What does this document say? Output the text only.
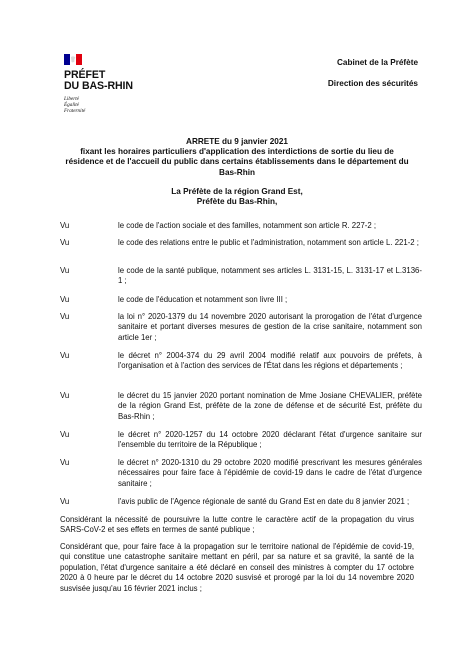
PRÉFET
DU BAS-RHIN
Liberté
Égalité
Fraternité
Cabinet de la Préfète
Direction des sécurités
ARRETE du 9 janvier 2021
fixant les horaires particuliers d'application des interdictions de sortie du lieu de résidence et de l'accueil du public dans certains établissements dans le département du Bas-Rhin
La Préfète de la région Grand Est,
Préfète du Bas-Rhin,
Vu	le code de l'action sociale et des familles, notamment son article R. 227-2 ;
Vu	le code des relations entre le public et l'administration, notamment son article L. 221-2 ;
Vu	le code de la santé publique, notamment ses articles L. 3131-15, L. 3131-17 et L.3136-1 ;
Vu	le code de l'éducation et notamment son livre III ;
Vu	la loi n° 2020-1379 du 14 novembre 2020 autorisant la prorogation de l'état d'urgence sanitaire et portant diverses mesures de gestion de la crise sanitaire, notamment son article 1er ;
Vu	le décret n° 2004-374 du 29 avril 2004 modifié relatif aux pouvoirs de préfets, à l'organisation et à l'action des services de l'État dans les régions et départements ;
Vu	le décret du 15 janvier 2020 portant nomination de Mme Josiane CHEVALIER, préfète de la région Grand Est, préfète de la zone de défense et de sécurité Est, préfète du Bas-Rhin ;
Vu	le décret n° 2020-1257 du 14 octobre 2020 déclarant l'état d'urgence sanitaire sur l'ensemble du territoire de la République ;
Vu	le décret n° 2020-1310 du 29 octobre 2020 modifié prescrivant les mesures générales nécessaires pour faire face à l'épidémie de covid-19 dans le cadre de l'état d'urgence sanitaire ;
Vu	l'avis public de l'Agence régionale de santé du Grand Est en date du 8 janvier 2021 ;
Considérant la nécessité de poursuivre la lutte contre le caractère actif de la propagation du virus SARS-CoV-2 et ses effets en termes de santé publique ;
Considérant que, pour faire face à la propagation sur le territoire national de l'épidémie de covid-19, qui constitue une catastrophe sanitaire mettant en péril, par sa nature et sa gravité, la santé de la population, l'état d'urgence sanitaire a été déclaré en conseil des ministres à compter du 17 octobre 2020 à 0 heure par le décret du 14 octobre 2020 susvisé et prorogé par la loi du 14 novembre 2020 susvisée jusqu'au 16 février 2021 inclus ;
